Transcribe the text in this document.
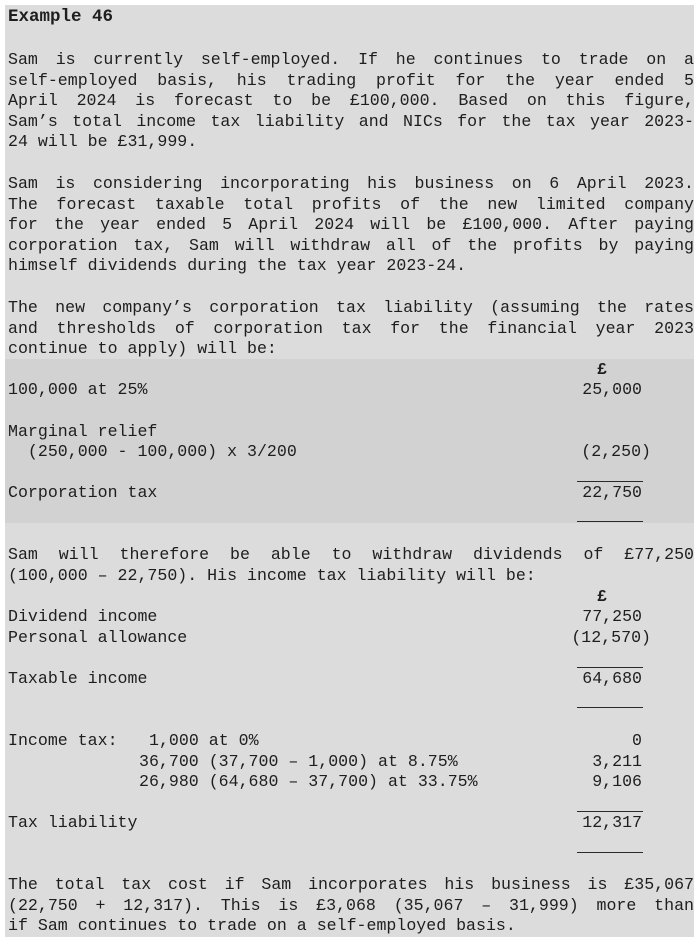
Example 46
Sam is currently self-employed. If he continues to trade on a
self-employed basis, his trading profit for the year ended 5
April 2024 is forecast to be £100,000. Based on this figure,
Sam’s total income tax liability and NICs for the tax year 2023-
24 will be £31,999.
Sam is considering incorporating his business on 6 April 2023.
The forecast taxable total profits of the new limited company
for the year ended 5 April 2024 will be £100,000. After paying
corporation tax, Sam will withdraw all of the profits by paying
himself dividends during the tax year 2023-24.
The new company’s corporation tax liability (assuming the rates
and thresholds of corporation tax for the financial year 2023
continue to apply) will be:
£
100,000 at 25%	25,000
Marginal relief
(250,000 - 100,000) x 3/200	(2,250)
Corporation tax	22,750
Sam will therefore be able to withdraw dividends of £77,250
(100,000 – 22,750). His income tax liability will be:
£
Dividend income	77,250
Personal allowance	(12,570)
Taxable income	64,680
Income tax: 1,000 at 0%	0
36,700 (37,700 – 1,000) at 8.75%	3,211
26,980 (64,680 – 37,700) at 33.75%	9,106
Tax liability	12,317
The total tax cost if Sam incorporates his business is £35,067
(22,750 + 12,317). This is £3,068 (35,067 – 31,999) more than
if Sam continues to trade on a self-employed basis.
